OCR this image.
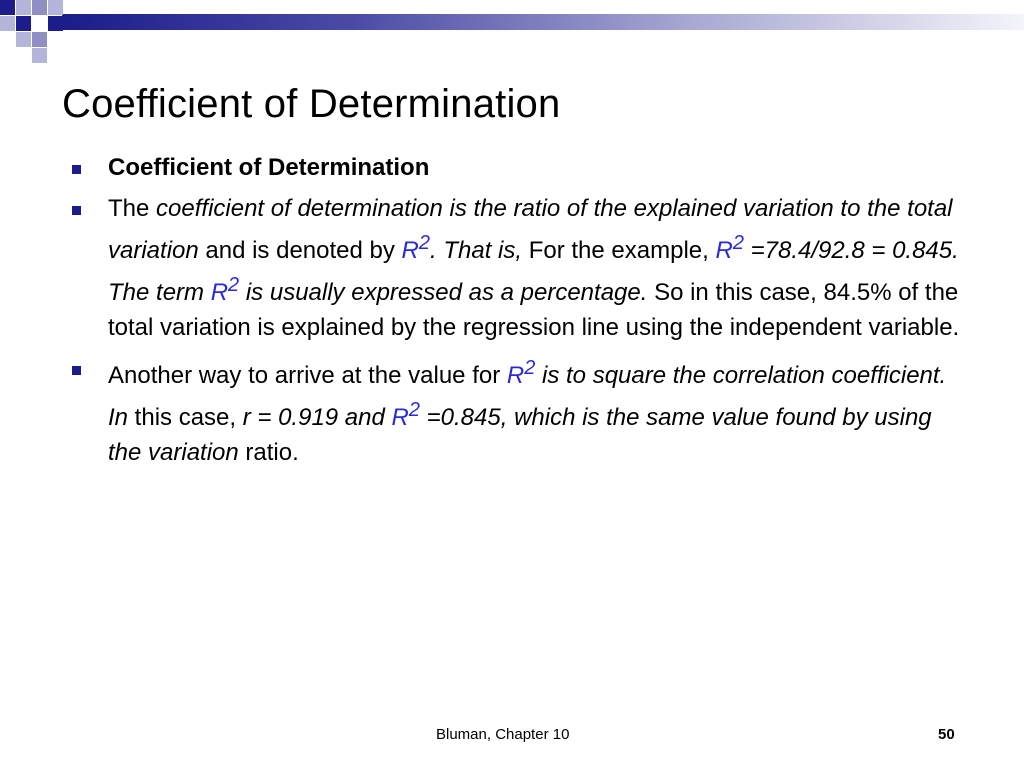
Coefficient of Determination
Coefficient of Determination
The coefficient of determination is the ratio of the explained variation to the total variation and is denoted by $R^2$. That is, For the example, $R^2 =78.4/92.8 = 0.845$. The term $R^2$ is usually expressed as a percentage. So in this case, 84.5% of the total variation is explained by the regression line using the independent variable.
Another way to arrive at the value for $R^2$ is to square the correlation coefficient. In this case, r = 0.919 and $R^2 =0.845$, which is the same value found by using the variation ratio.
Bluman, Chapter 10	50
